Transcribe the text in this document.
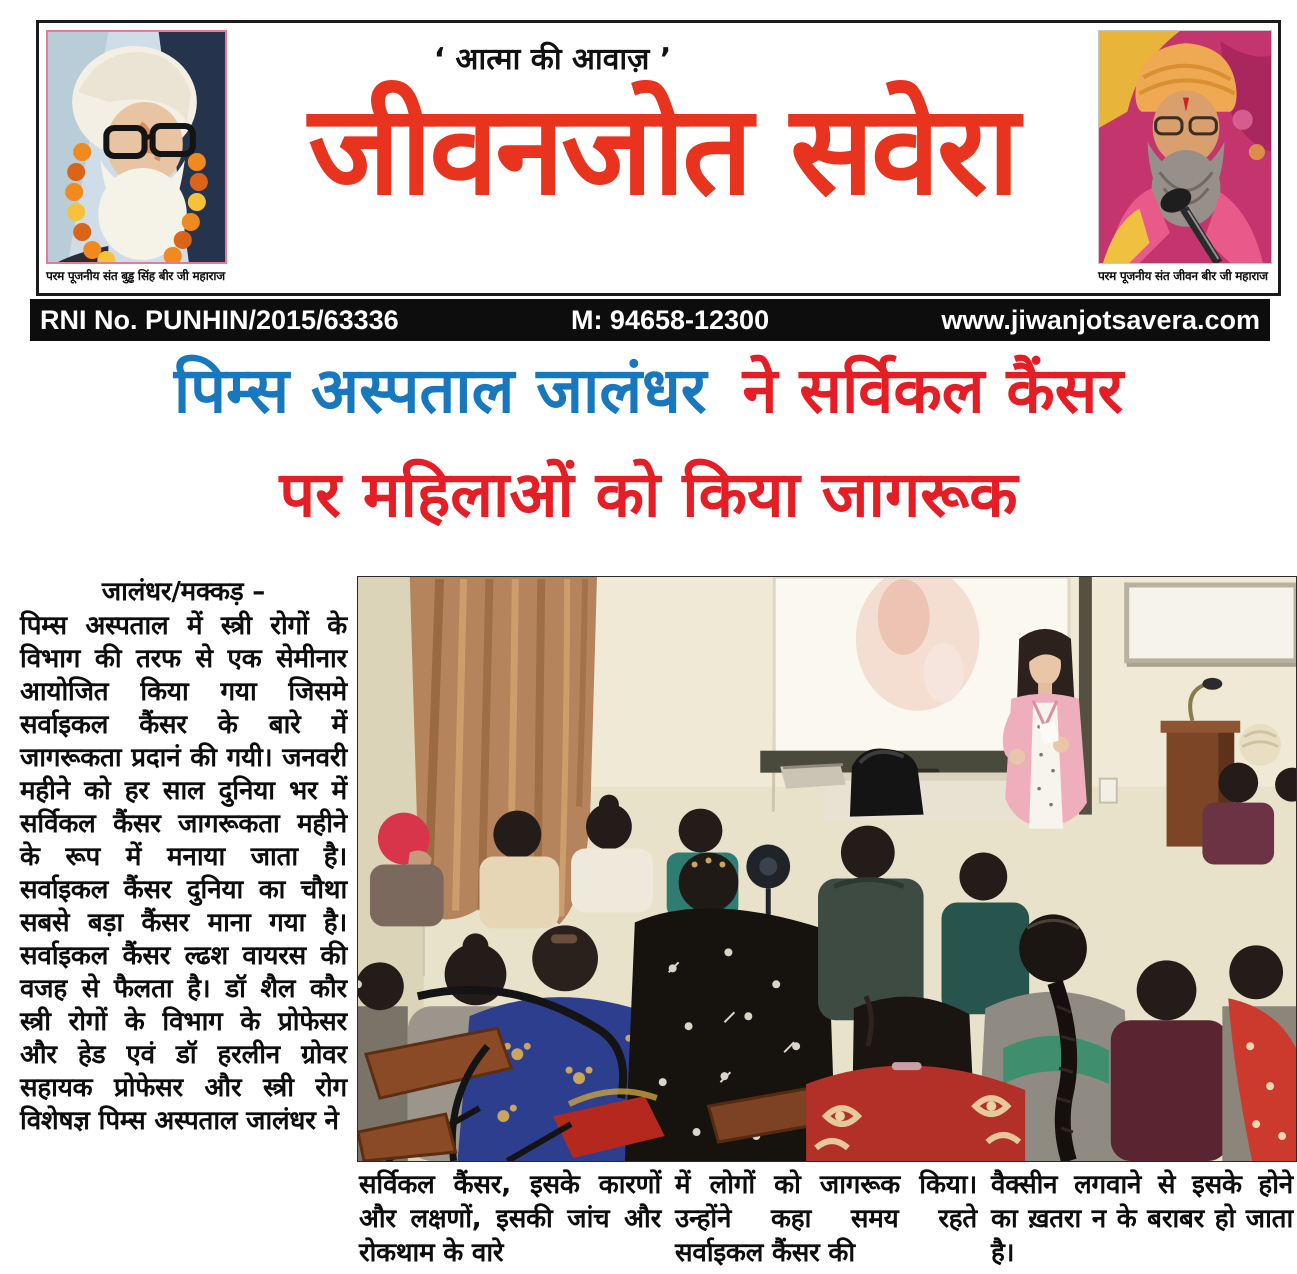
परम पूजनीय संत बुड्ढ सिंह बीर जी महाराज
‘ आत्मा की आवाज़ ’
जीवनजोत सवेरा
परम पूजनीय संत जीवन बीर जी महाराज
RNI No. PUNHIN/2015/63336	M: 94658-12300	www.jiwanjotsavera.com
पिम्स अस्पताल जालंधर ने सर्विकल कैंसर
पर महिलाओं को किया जागरूक
जालंधर/मक्कड़ –

पिम्स अस्पताल में स्त्री रोगों के विभाग की तरफ से एक सेमीनार आयोजित किया गया जिसमे सर्वाइकल कैंसर के बारे में जागरूकता प्रदानं की गयी। जनवरी महीने को हर साल दुनिया भर में सर्विकल कैंसर जागरूकता महीने के रूप में मनाया जाता है। सर्वाइकल कैंसर दुनिया का चौथा सबसे बड़ा कैंसर माना गया है। सर्वाइकल कैंसर ल्ढश वायरस की वजह से फैलता है। डॉ शैल कौर स्त्री रोगों के विभाग के प्रोफेसर और हेड एवं डॉ हरलीन ग्रोवर सहायक प्रोफेसर और स्त्री रोग विशेषज्ञ पिम्स अस्पताल जालंधर ने

सर्विकल कैंसर, इसके कारणों और लक्षणों, इसकी जांच और रोकथाम के वारे

में लोगों को जागरूक किया। उन्होंने कहा समय रहते सर्वाइकल कैंसर की

वैक्सीन लगवाने से इसके होने का ख़तरा न के बराबर हो जाता है।
